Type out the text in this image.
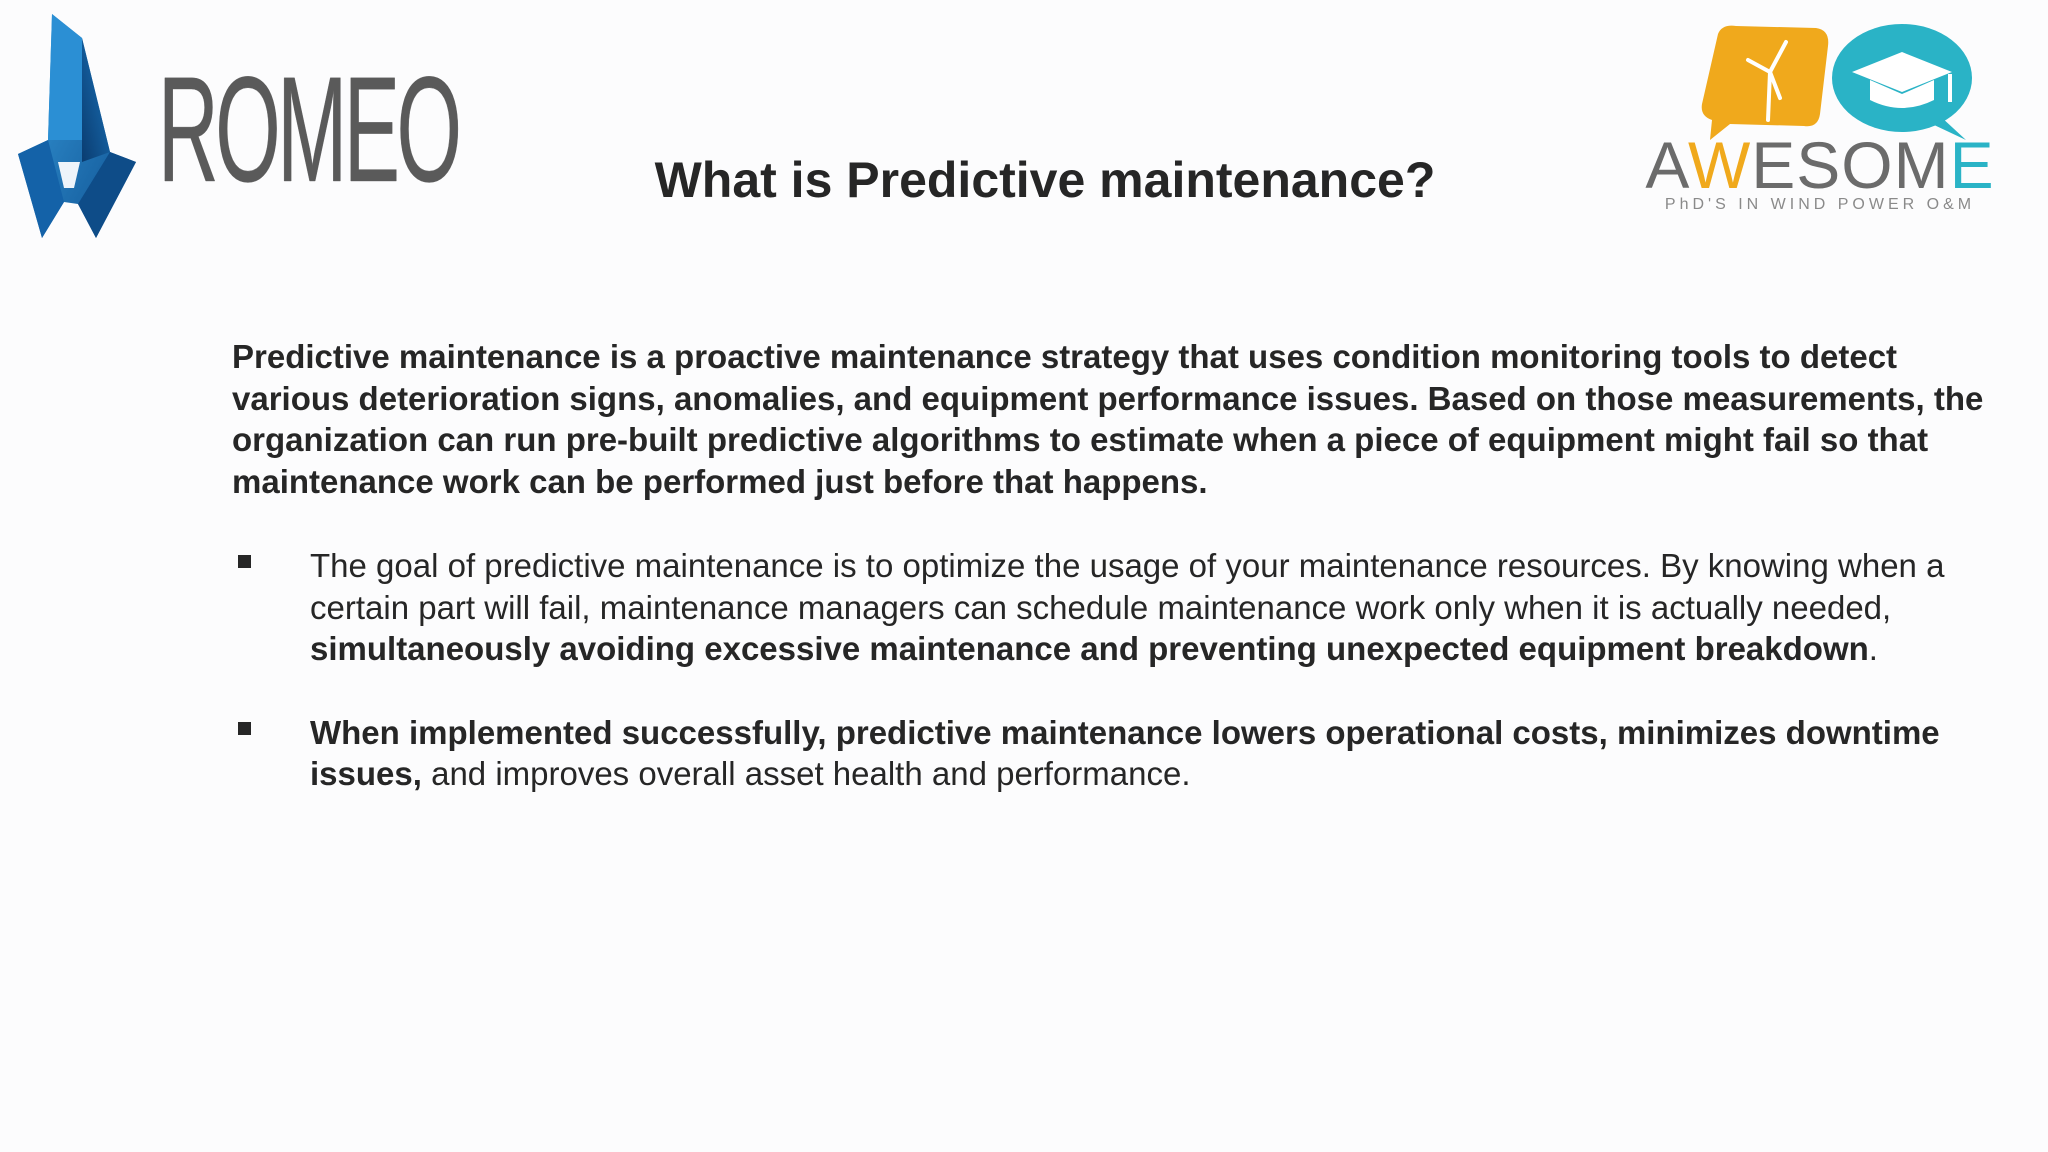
ROMEO	What is Predictive maintenance?	AWESOME
PhD'S IN WIND POWER O&M
Predictive maintenance is a proactive maintenance strategy that uses condition monitoring tools to detect various deterioration signs, anomalies, and equipment performance issues. Based on those measurements, the organization can run pre-built predictive algorithms to estimate when a piece of equipment might fail so that maintenance work can be performed just before that happens.
The goal of predictive maintenance is to optimize the usage of your maintenance resources. By knowing when a certain part will fail, maintenance managers can schedule maintenance work only when it is actually needed, simultaneously avoiding excessive maintenance and preventing unexpected equipment breakdown.
When implemented successfully, predictive maintenance lowers operational costs, minimizes downtime issues, and improves overall asset health and performance.
